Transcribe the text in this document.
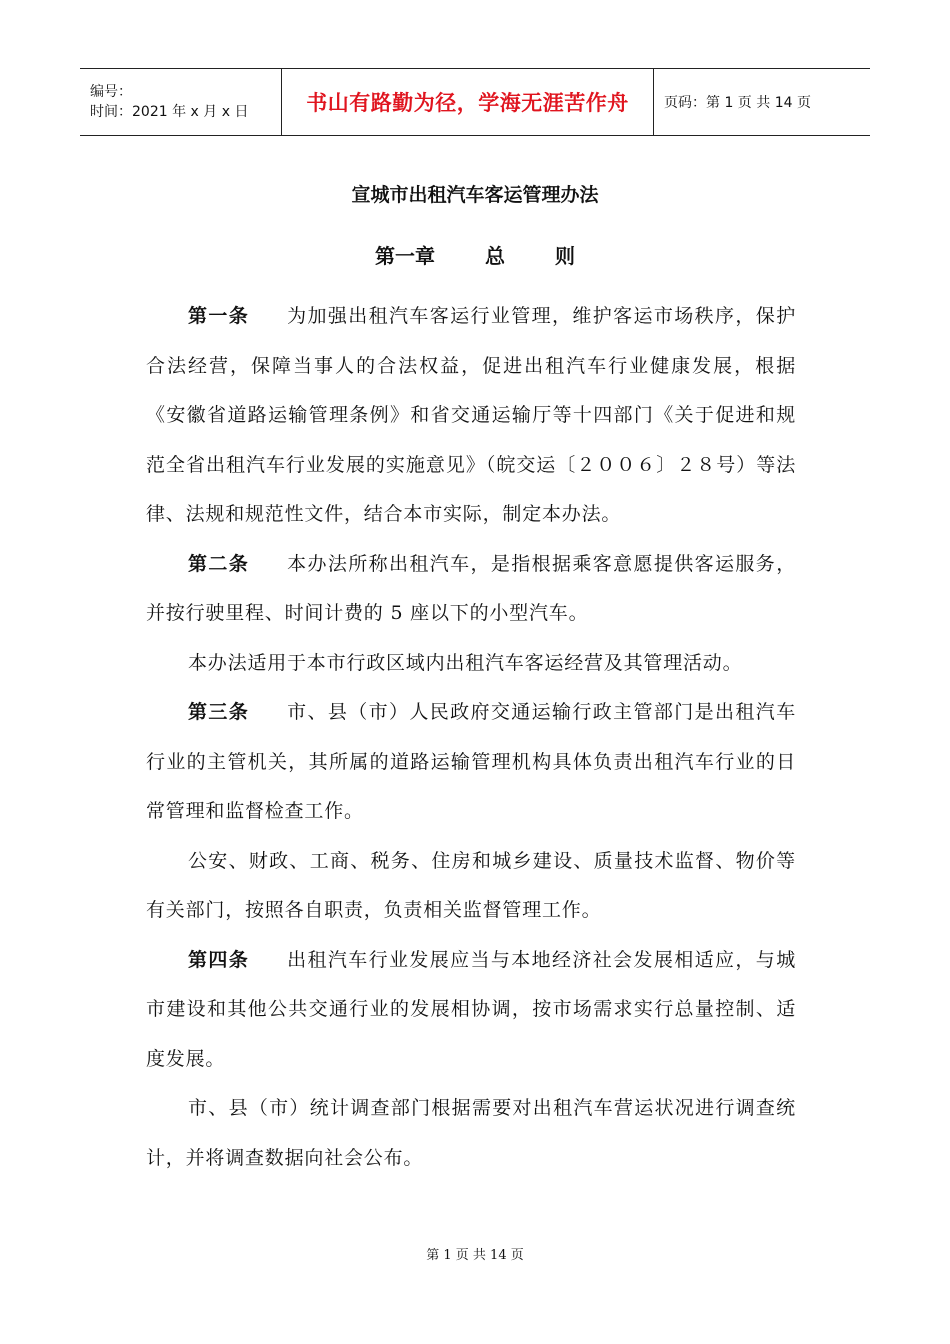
编号：
时间：2021 年 x 月 x 日	书山有路勤为径，学海无涯苦作舟	页码：第 1 页 共 14 页
宣城市出租汽车客运管理办法
第一章	总	则

第一条 为加强出租汽车客运行业管理，维护客运市场秩序，保护合法经营，保障当事人的合法权益，促进出租汽车行业健康发展，根据《安徽省道路运输管理条例》和省交通运输厅等十四部门《关于促进和规范全省出租汽车行业发展的实施意见》（皖交运〔２００６〕２８号）等法律、法规和规范性文件，结合本市实际，制定本办法。

第二条 本办法所称出租汽车，是指根据乘客意愿提供客运服务，并按行驶里程、时间计费的 5 座以下的小型汽车。

本办法适用于本市行政区域内出租汽车客运经营及其管理活动。

第三条 市、县（市）人民政府交通运输行政主管部门是出租汽车行业的主管机关，其所属的道路运输管理机构具体负责出租汽车行业的日常管理和监督检查工作。

公安、财政、工商、税务、住房和城乡建设、质量技术监督、物价等有关部门，按照各自职责，负责相关监督管理工作。

第四条 出租汽车行业发展应当与本地经济社会发展相适应，与城市建设和其他公共交通行业的发展相协调，按市场需求实行总量控制、适度发展。

市、县（市）统计调查部门根据需要对出租汽车营运状况进行调查统计，并将调查数据向社会公布。

第 1 页 共 14 页
